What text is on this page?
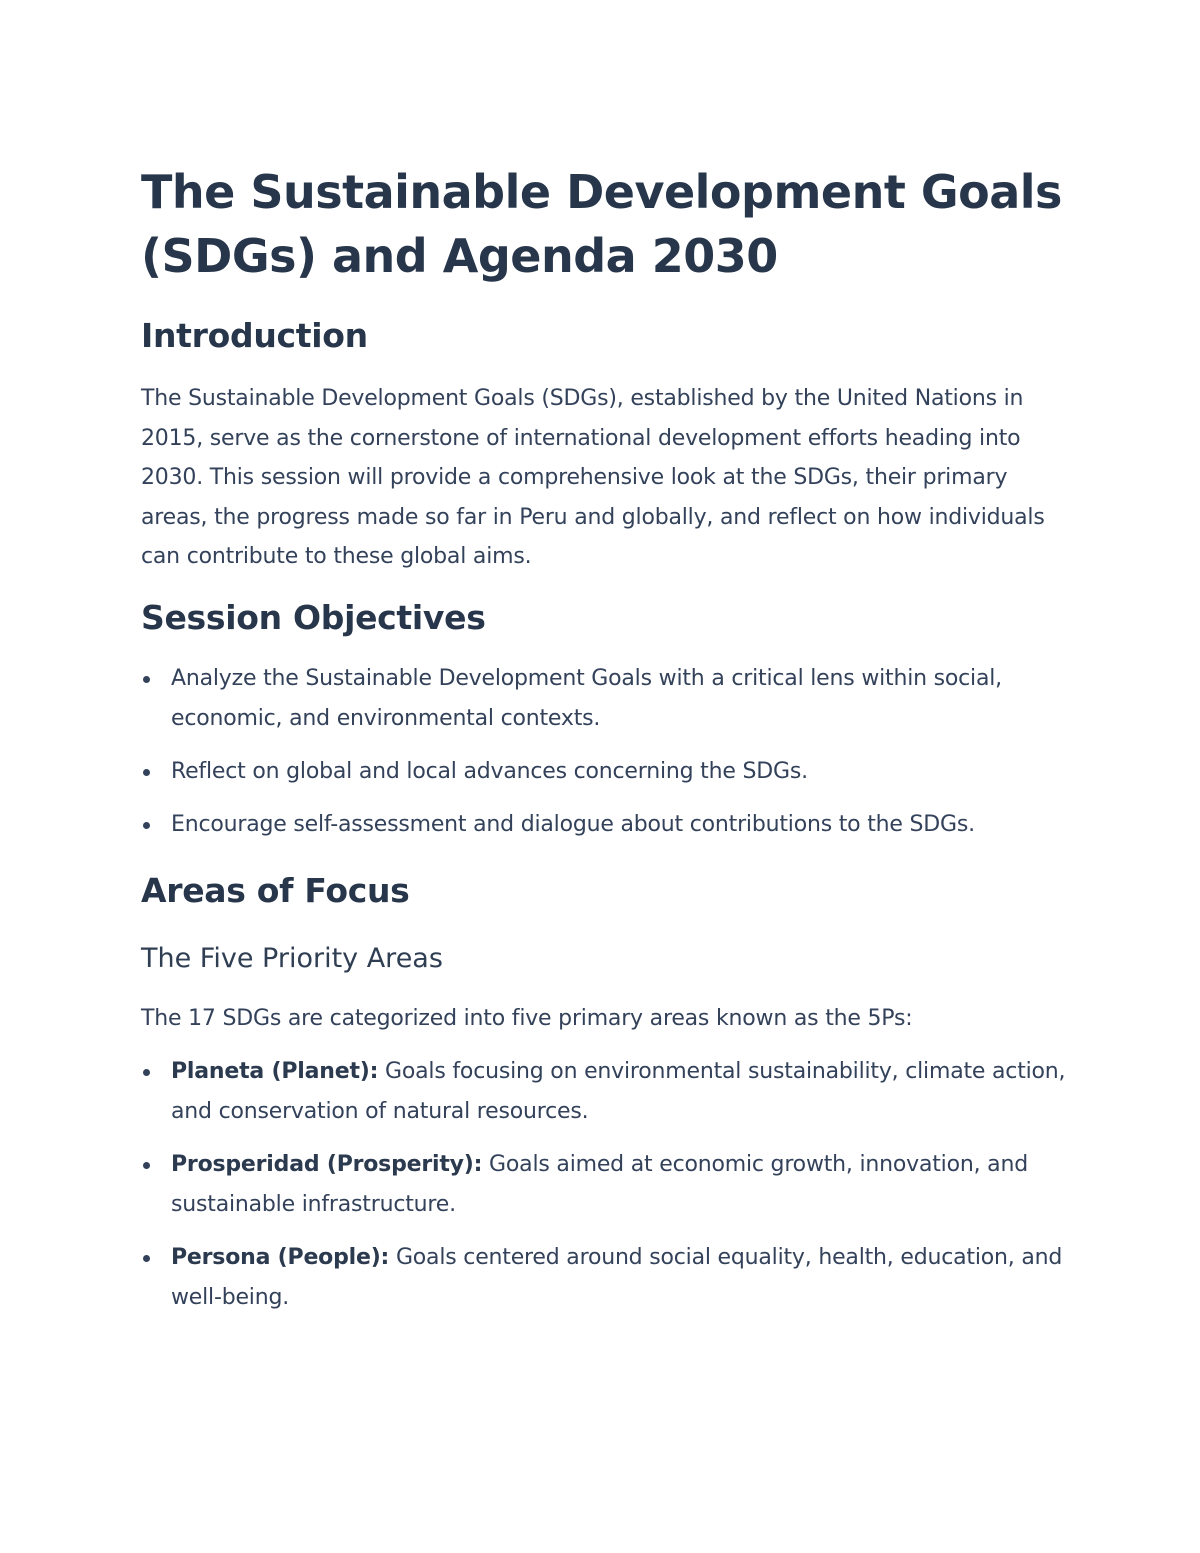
The Sustainable Development Goals (SDGs) and Agenda 2030
Introduction

The Sustainable Development Goals (SDGs), established by the United Nations in 2015, serve as the cornerstone of international development efforts heading into 2030. This session will provide a comprehensive look at the SDGs, their primary areas, the progress made so far in Peru and globally, and reflect on how individuals can contribute to these global aims.

Session Objectives
Analyze the Sustainable Development Goals with a critical lens within social, economic, and environmental contexts.
Reflect on global and local advances concerning the SDGs.
Encourage self-assessment and dialogue about contributions to the SDGs.
Areas of Focus
The Five Priority Areas

The 17 SDGs are categorized into five primary areas known as the 5Ps:

Planeta (Planet): Goals focusing on environmental sustainability, climate action, and conservation of natural resources.
Prosperidad (Prosperity): Goals aimed at economic growth, innovation, and sustainable infrastructure.
Persona (People): Goals centered around social equality, health, education, and well-being.
